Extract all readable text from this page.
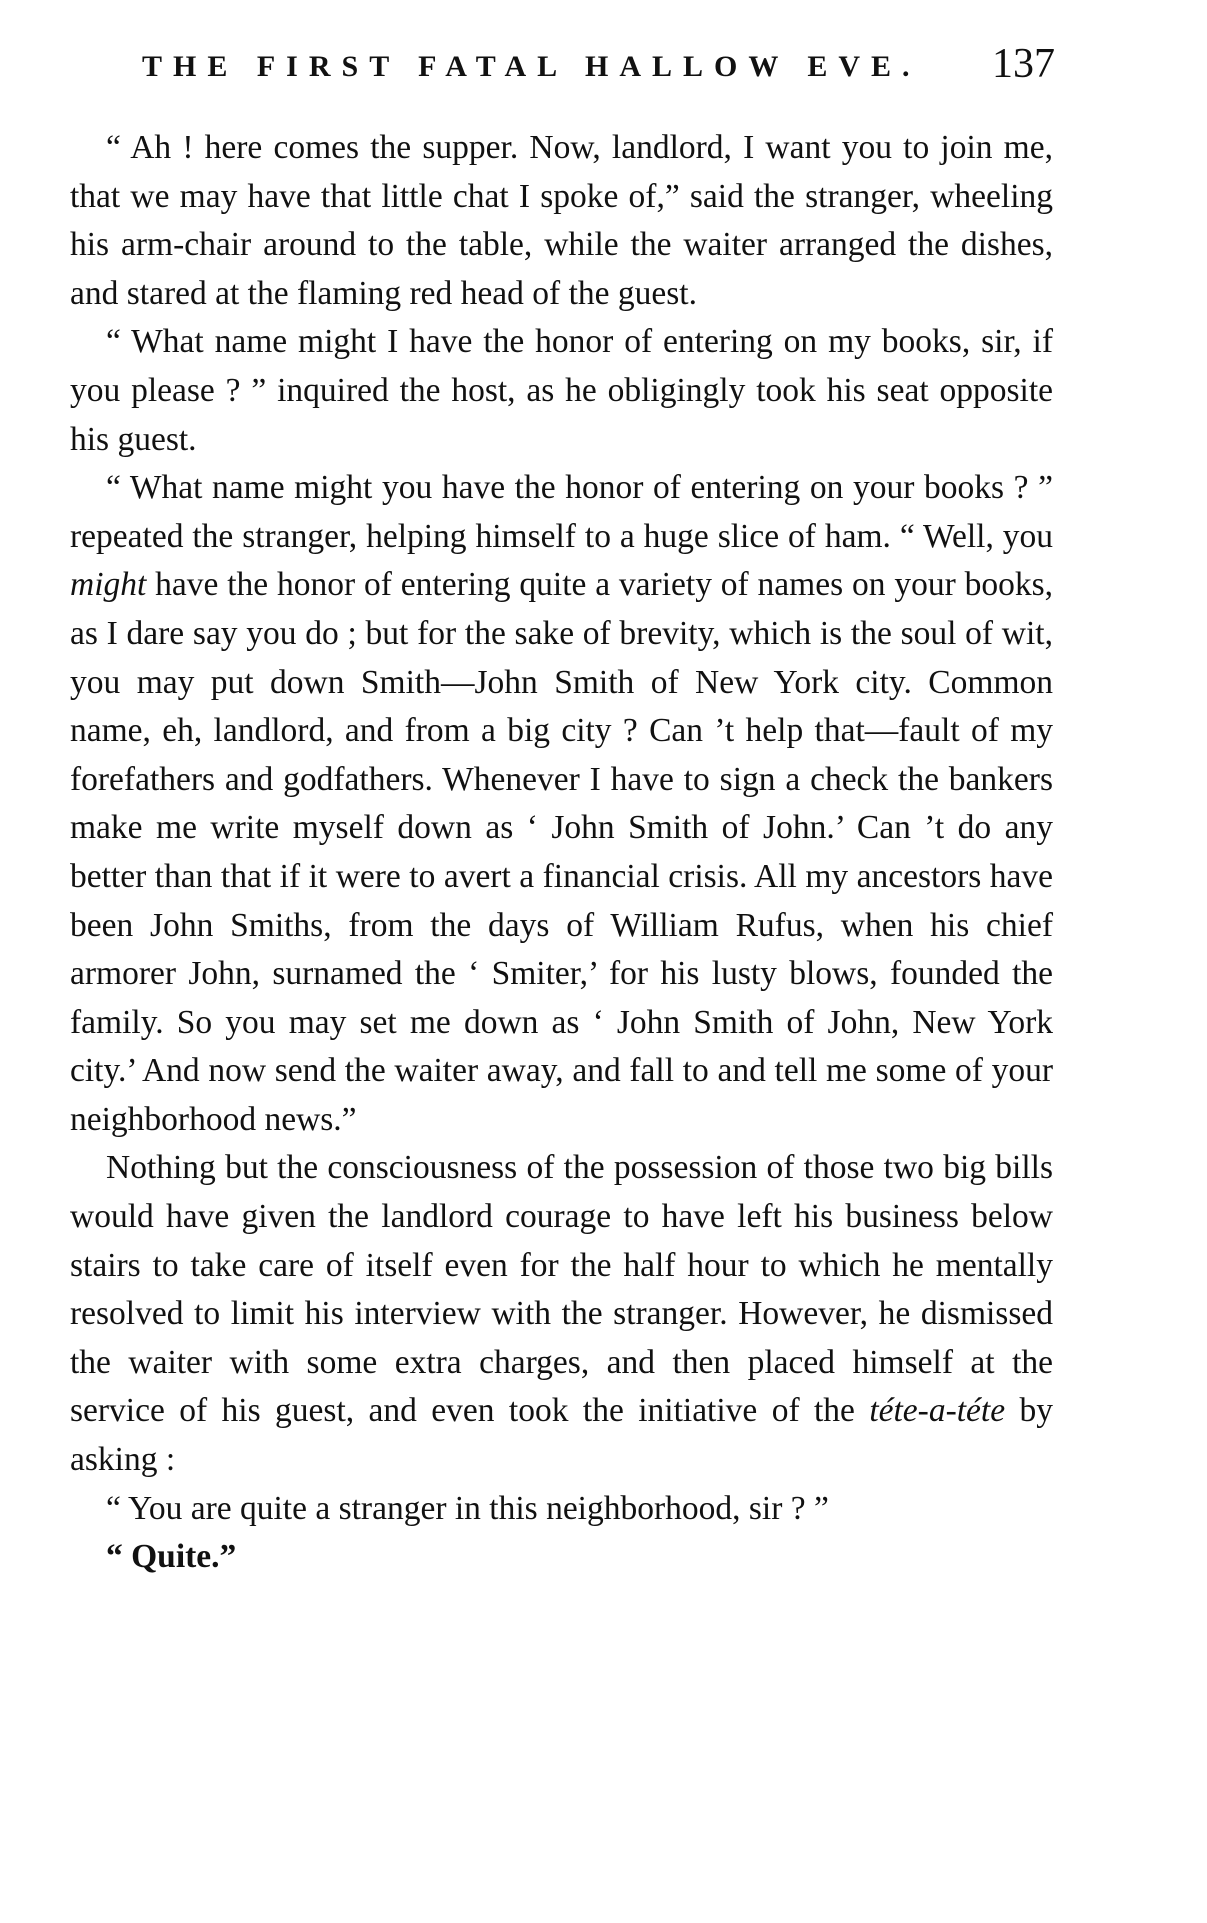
THE FIRST FATAL HALLOW EVE. 137

“ Ah ! here comes the supper. Now, landlord, I want you to join me, that we may have that little chat I spoke of,” said the stranger, wheeling his arm-chair around to the table, while the waiter arranged the dishes, and stared at the flaming red head of the guest.

“ What name might I have the honor of entering on my books, sir, if you please ? ” inquired the host, as he obligingly took his seat opposite his guest.

“ What name might you have the honor of entering on your books ? ” repeated the stranger, helping himself to a huge slice of ham. “ Well, you might have the honor of entering quite a variety of names on your books, as I dare say you do ; but for the sake of brevity, which is the soul of wit, you may put down Smith—John Smith of New York city. Common name, eh, landlord, and from a big city ? Can ’t help that—fault of my forefathers and godfathers. Whenever I have to sign a check the bankers make me write myself down as ‘ John Smith of John.’ Can ’t do any better than that if it were to avert a financial crisis. All my ancestors have been John Smiths, from the days of William Rufus, when his chief armorer John, surnamed the ‘ Smiter,’ for his lusty blows, founded the family. So you may set me down as ‘ John Smith of John, New York city.’ And now send the waiter away, and fall to and tell me some of your neighborhood news.”

Nothing but the consciousness of the possession of those two big bills would have given the landlord courage to have left his business below stairs to take care of itself even for the half hour to which he mentally resolved to limit his interview with the stranger. However, he dismissed the waiter with some extra charges, and then placed himself at the service of his guest, and even took the initiative of the téte-a-téte by asking :

“ You are quite a stranger in this neighborhood, sir ? ”

“ Quite.”
